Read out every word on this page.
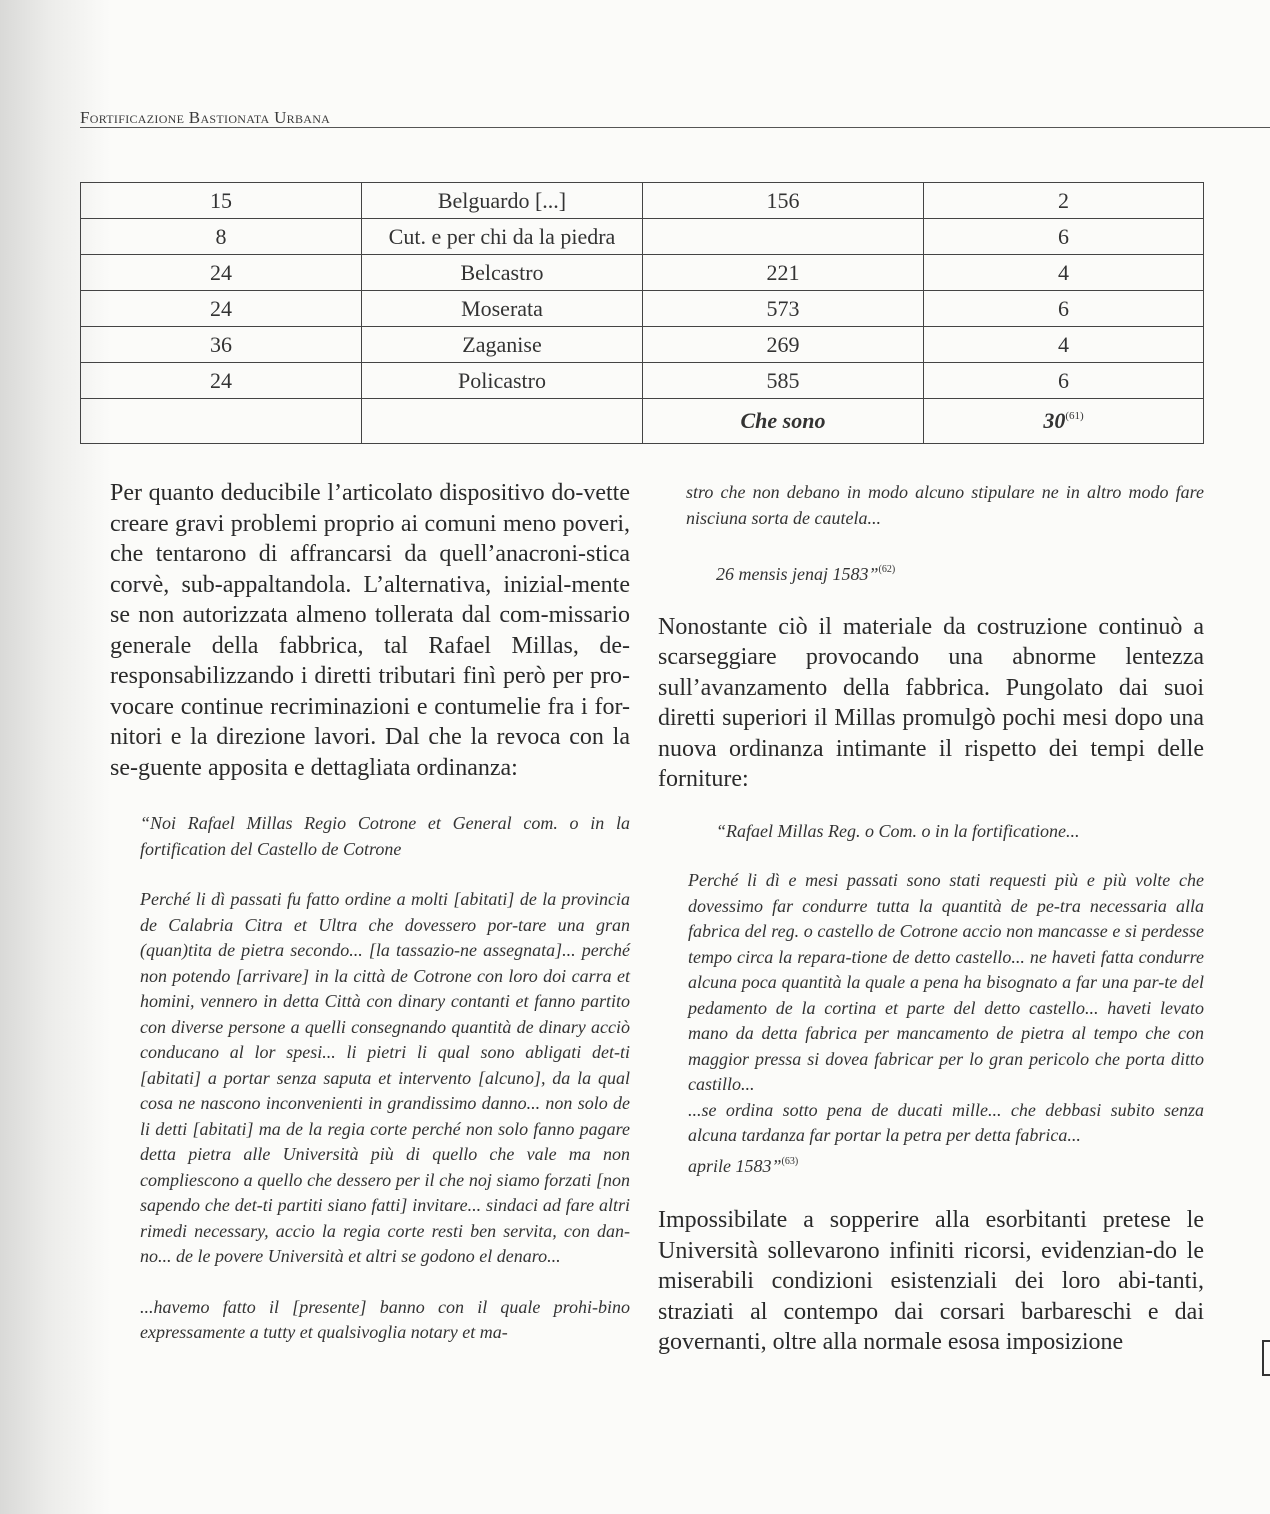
Fortificazione Bastionata Urbana
15	Belguardo [...]	156	2
8	Cut. e per chi da la piedra		6
24	Belcastro	221	4
24	Moserata	573	6
36	Zaganise	269	4
24	Policastro	585	6
		Che sono	30$^{(61)}$

Per quanto deducibile l’articolato dispositivo do-vette creare gravi problemi proprio ai comuni meno poveri, che tentarono di affrancarsi da quell’anacroni-stica corvè, sub-appaltandola. L’alternativa, inizial-mente se non autorizzata almeno tollerata dal com-missario generale della fabbrica, tal Rafael Millas, de-responsabilizzando i diretti tributari finì però per pro-vocare continue recriminazioni e contumelie fra i for-nitori e la direzione lavori. Dal che la revoca con la se-guente apposita e dettagliata ordinanza:

“Noi Rafael Millas Regio Cotrone et General com. o in la fortification del Castello de Cotrone

Perché li dì passati fu fatto ordine a molti [abitati] de la provincia de Calabria Citra et Ultra che dovessero por-tare una gran (quan)tita de pietra secondo... [la tassazio-ne assegnata]... perché non potendo [arrivare] in la città de Cotrone con loro doi carra et homini, vennero in detta Città con dinary contanti et fanno partito con diverse persone a quelli consegnando quantità de dinary acciò conducano al lor spesi... li pietri li qual sono abligati det-ti [abitati] a portar senza saputa et intervento [alcuno], da la qual cosa ne nascono inconvenienti in grandissimo danno... non solo de li detti [abitati] ma de la regia corte perché non solo fanno pagare detta pietra alle Università più di quello che vale ma non compliescono a quello che dessero per il che noj siamo forzati [non sapendo che det-ti partiti siano fatti] invitare... sindaci ad fare altri rimedi necessary, accio la regia corte resti ben servita, con dan-no... de le povere Università et altri se godono el denaro...

...havemo fatto il [presente] banno con il quale prohi-bino expressamente a tutty et qualsivoglia notary et ma-

stro che non debano in modo alcuno stipulare ne in altro modo fare nisciuna sorta de cautela...

26 mensis jenaj 1583”$^{(62)}$

Nonostante ciò il materiale da costruzione continuò a scarseggiare provocando una abnorme lentezza sull’avanzamento della fabbrica. Pungolato dai suoi diretti superiori il Millas promulgò pochi mesi dopo una nuova ordinanza intimante il rispetto dei tempi delle forniture:

“Rafael Millas Reg. o Com. o in la fortificatione...

Perché li dì e mesi passati sono stati requesti più e più volte che dovessimo far condurre tutta la quantità de pe-tra necessaria alla fabrica del reg. o castello de Cotrone accio non mancasse e si perdesse tempo circa la repara-tione de detto castello... ne haveti fatta condurre alcuna poca quantità la quale a pena ha bisognato a far una par-te del pedamento de la cortina et parte del detto castello... haveti levato mano da detta fabrica per mancamento de pietra al tempo che con maggior pressa si dovea fabricar per lo gran pericolo che porta ditto castillo...

...se ordina sotto pena de ducati mille... che debbasi subito senza alcuna tardanza far portar la petra per detta fabrica...

aprile 1583”$^{(63)}$

Impossibilate a sopperire alla esorbitanti pretese le Università sollevarono infiniti ricorsi, evidenzian-do le miserabili condizioni esistenziali dei loro abi-tanti, straziati al contempo dai corsari barbareschi e dai governanti, oltre alla normale esosa imposizione
